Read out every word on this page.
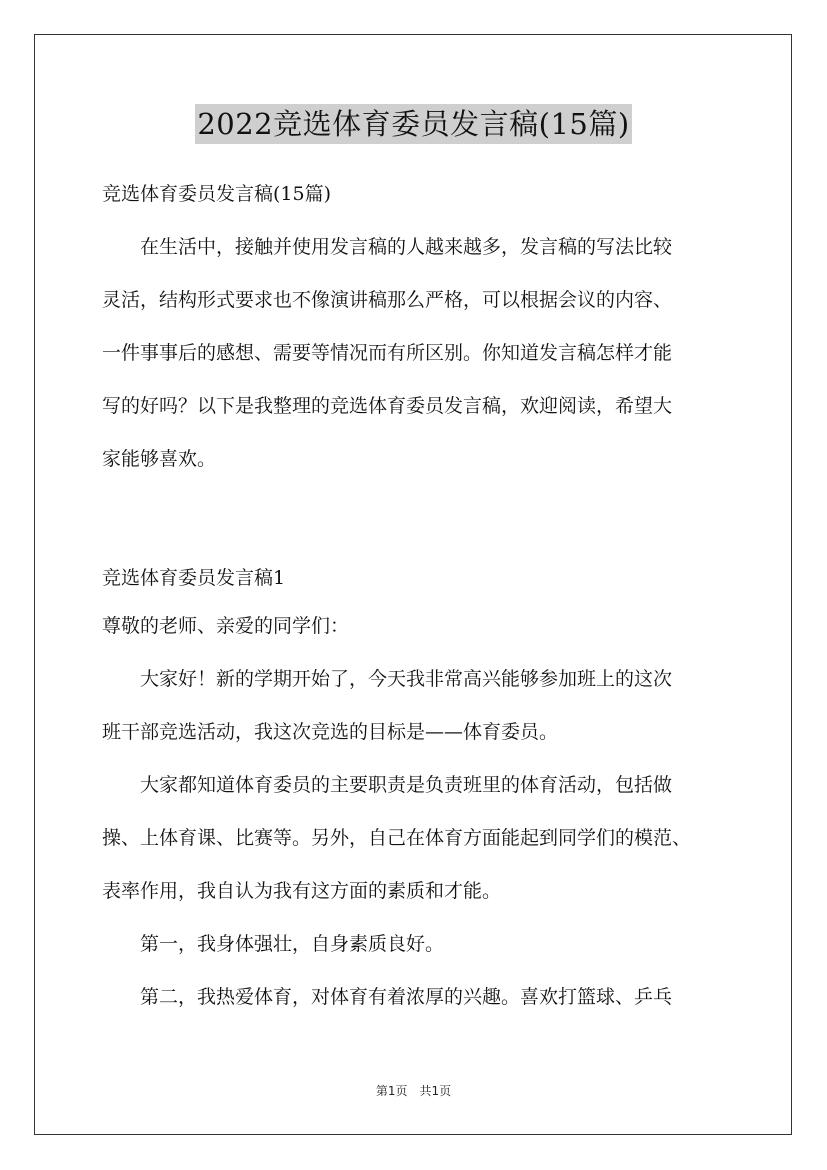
2022竞选体育委员发言稿(15篇)
竞选体育委员发言稿(15篇)
　　在生活中，接触并使用发言稿的人越来越多，发言稿的写法比较
灵活，结构形式要求也不像演讲稿那么严格，可以根据会议的内容、
一件事事后的感想、需要等情况而有所区别。你知道发言稿怎样才能
写的好吗？以下是我整理的竞选体育委员发言稿，欢迎阅读，希望大
家能够喜欢。
竞选体育委员发言稿1
尊敬的老师、亲爱的同学们：
　　大家好！新的学期开始了，今天我非常高兴能够参加班上的这次
班干部竞选活动，我这次竞选的目标是——体育委员。
　　大家都知道体育委员的主要职责是负责班里的体育活动，包括做
操、上体育课、比赛等。另外，自己在体育方面能起到同学们的模范、
表率作用，我自认为我有这方面的素质和才能。
　　第一，我身体强壮，自身素质良好。
　　第二，我热爱体育，对体育有着浓厚的兴趣。喜欢打篮球、乒乓
第1页　共1页
